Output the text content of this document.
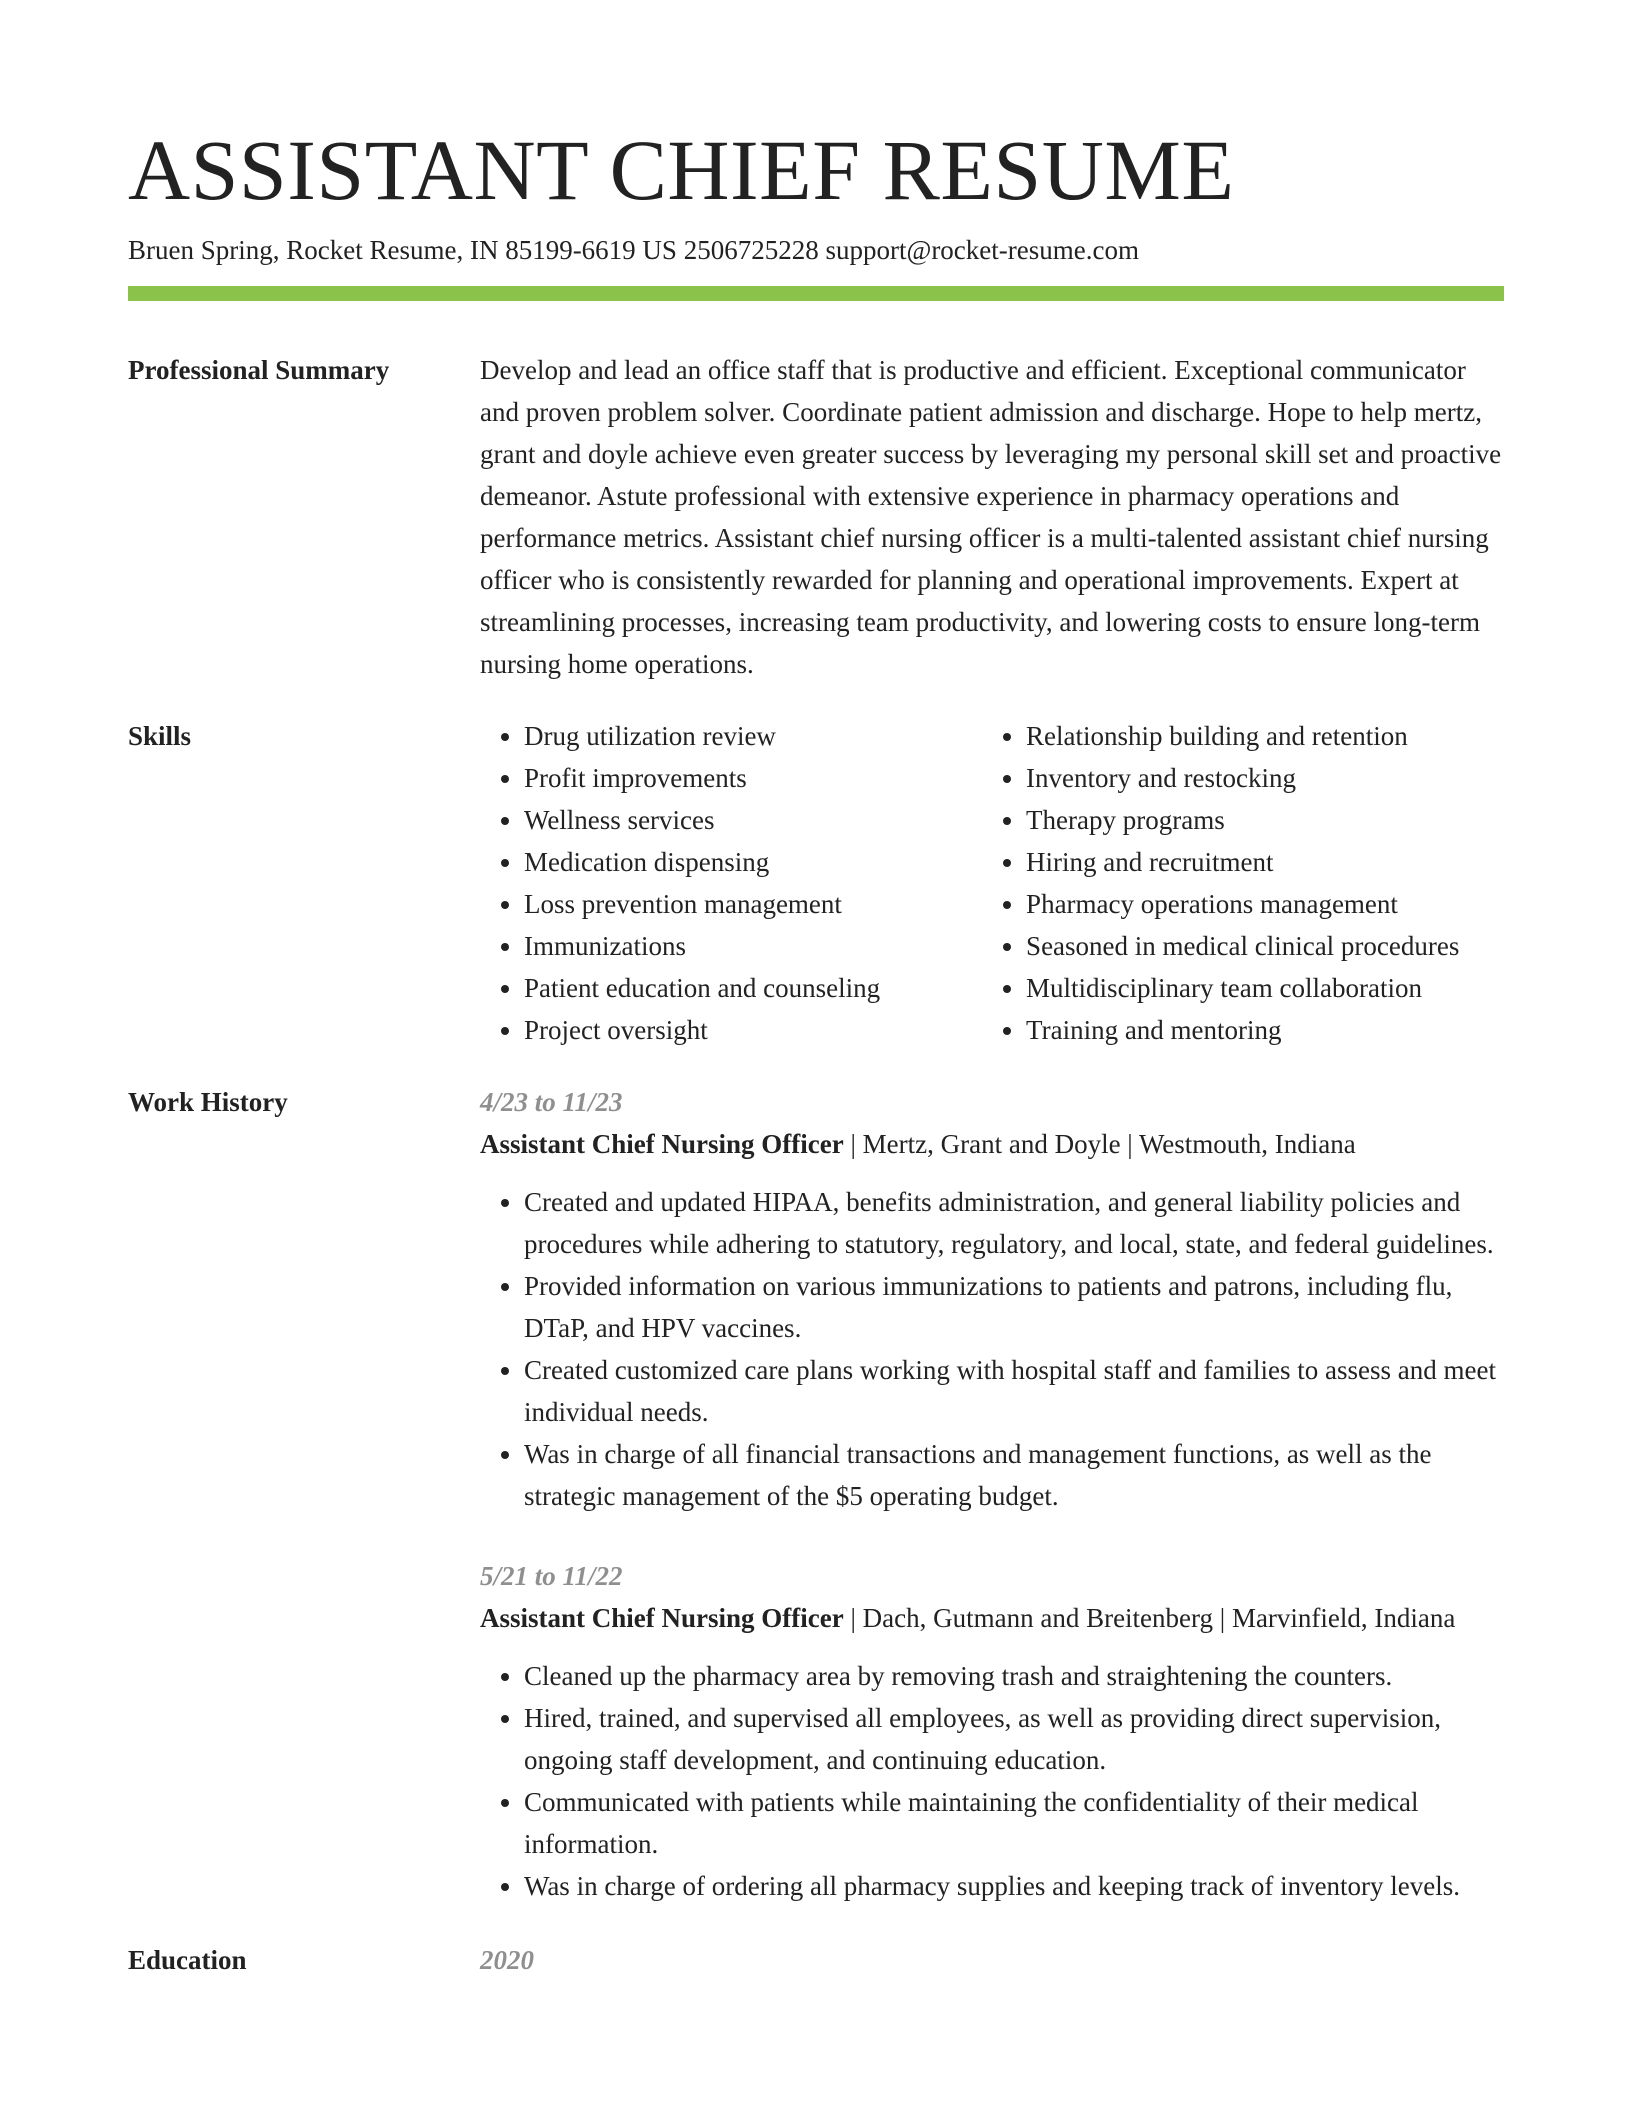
ASSISTANT CHIEF RESUME
Bruen Spring, Rocket Resume, IN 85199-6619 US 2506725228 support@rocket-resume.com
Professional Summary	Develop and lead an office staff that is productive and efficient. Exceptional communicator and proven problem solver. Coordinate patient admission and discharge. Hope to help mertz, grant and doyle achieve even greater success by leveraging my personal skill set and proactive demeanor. Astute professional with extensive experience in pharmacy operations and performance metrics. Assistant chief nursing officer is a multi-talented assistant chief nursing officer who is consistently rewarded for planning and operational improvements. Expert at streamlining processes, increasing team productivity, and lowering costs to ensure long-term nursing home operations.
Skills
•	Drug utilization review
• Profit improvements
• Wellness services
• Medication dispensing
• Loss prevention management
• Immunizations
• Patient education and counseling
• Project oversight
• Relationship building and retention
• Inventory and restocking
• Therapy programs
• Hiring and recruitment
• Pharmacy operations management
• Seasoned in medical clinical procedures
• Multidisciplinary team collaboration
• Training and mentoring
Work History	4/23 to 11/23
Assistant Chief Nursing Officer | Mertz, Grant and Doyle | Westmouth, Indiana
• Created and updated HIPAA, benefits administration, and general liability policies and procedures while adhering to statutory, regulatory, and local, state, and federal guidelines.
• Provided information on various immunizations to patients and patrons, including flu, DTaP, and HPV vaccines.
• Created customized care plans working with hospital staff and families to assess and meet individual needs.
• Was in charge of all financial transactions and management functions, as well as the strategic management of the $5 operating budget.
5/21 to 11/22
Assistant Chief Nursing Officer | Dach, Gutmann and Breitenberg | Marvinfield, Indiana
• Cleaned up the pharmacy area by removing trash and straightening the counters.
• Hired, trained, and supervised all employees, as well as providing direct supervision, ongoing staff development, and continuing education.
• Communicated with patients while maintaining the confidentiality of their medical information.
• Was in charge of ordering all pharmacy supplies and keeping track of inventory levels.
Education	2020
